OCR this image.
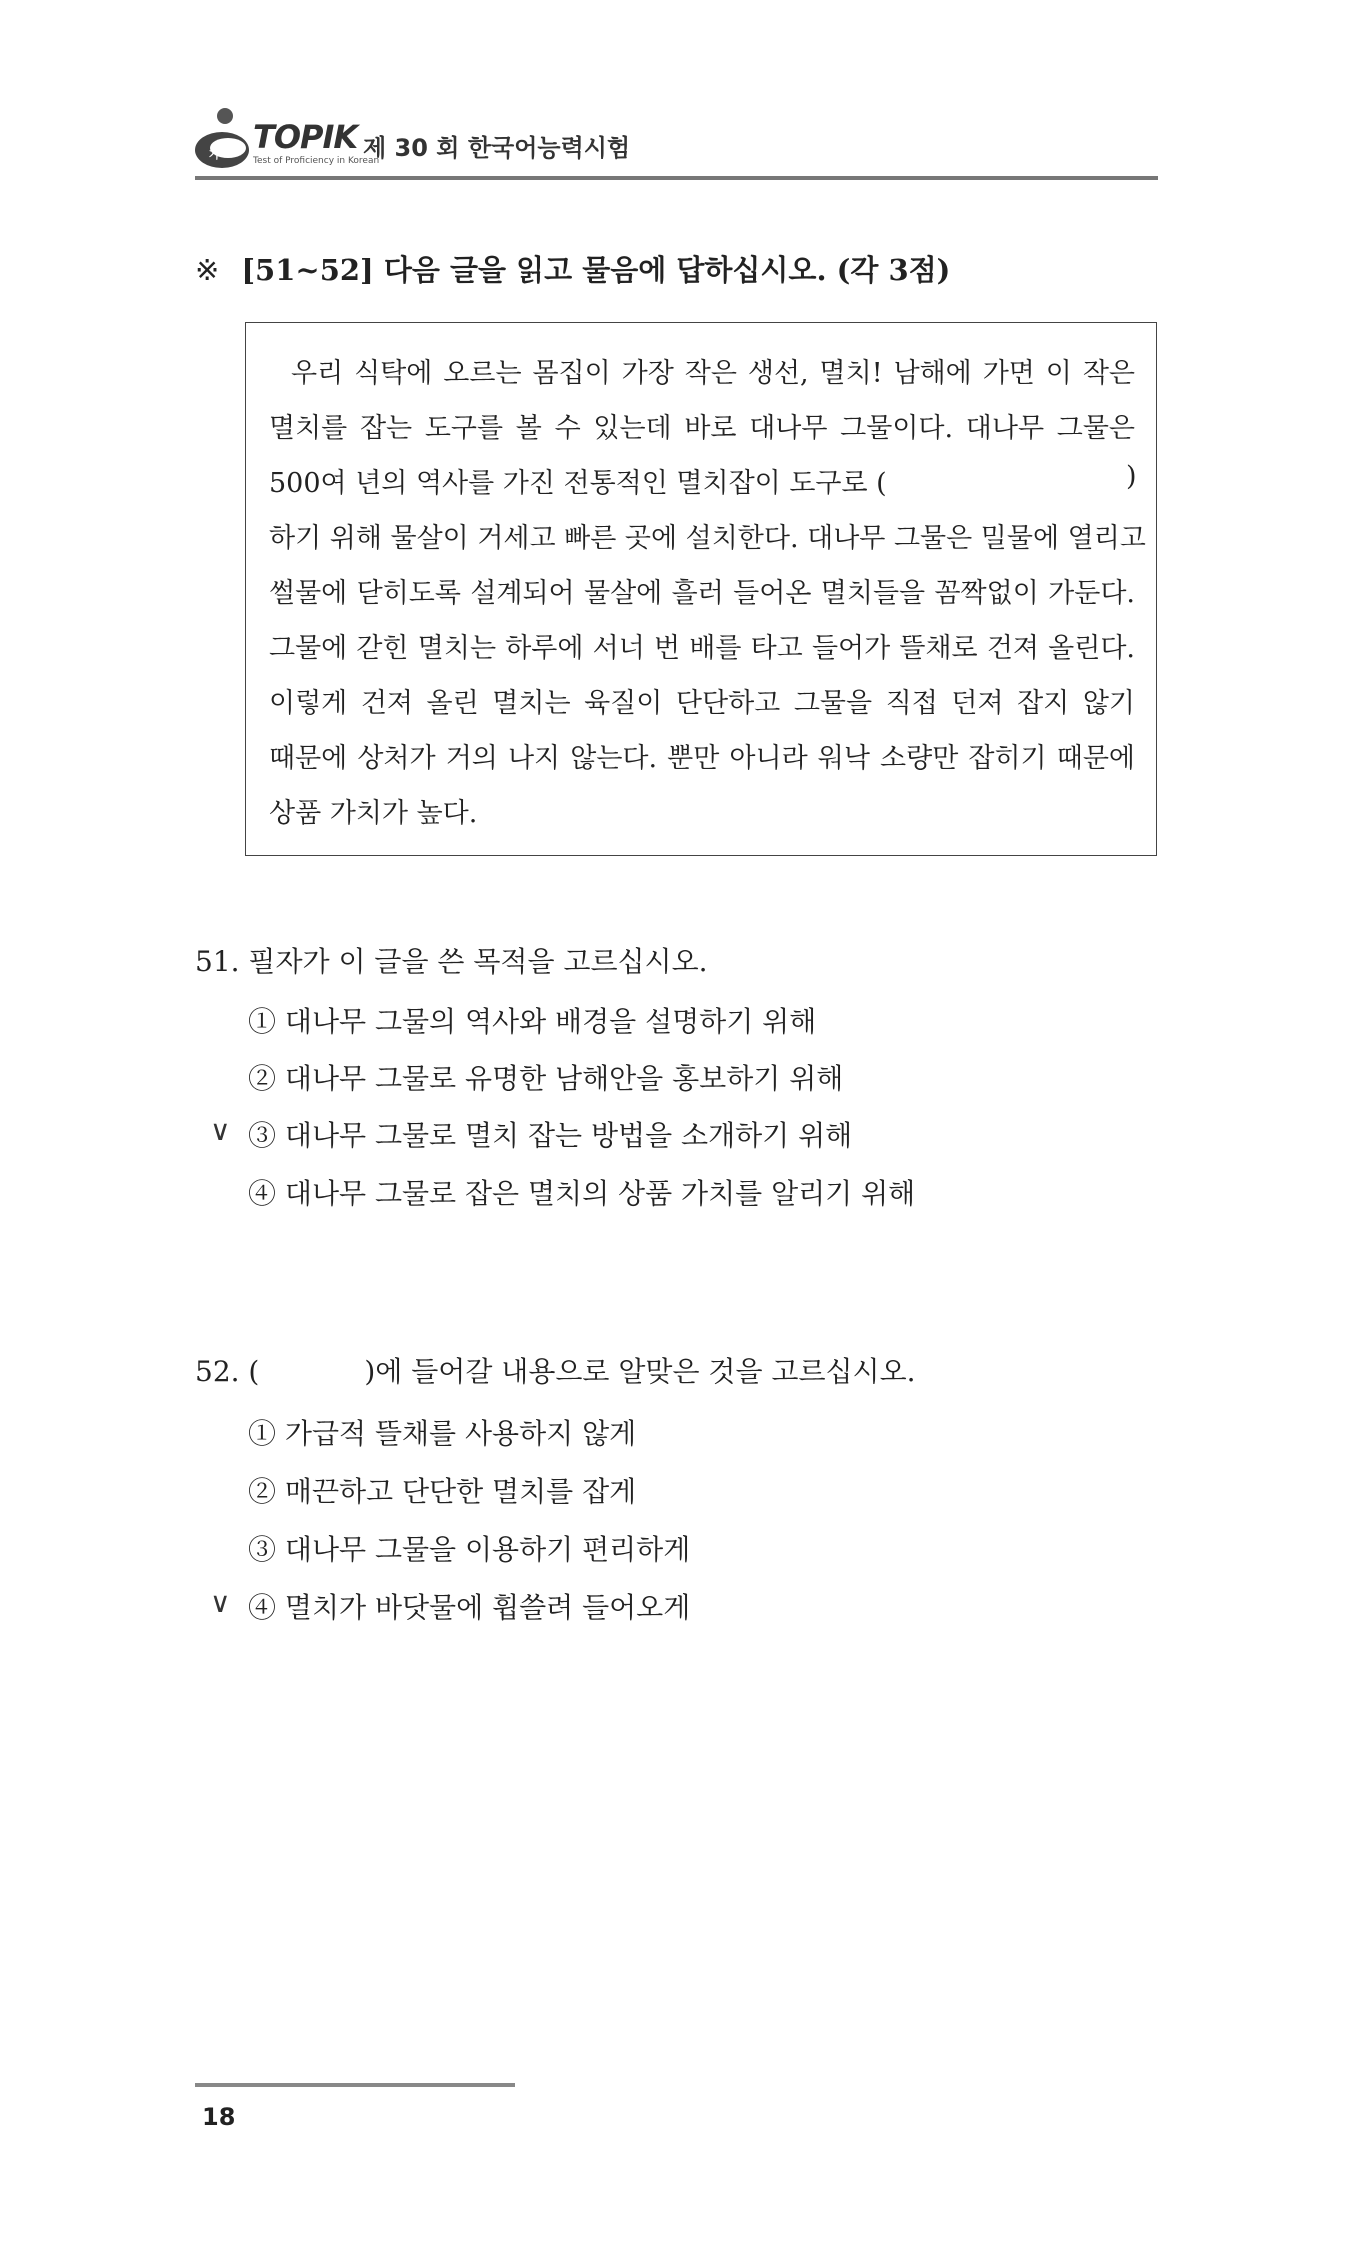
가 TOPIK
Test of Proficiency in Korean
제 30 회 한국어능력시험
※ [51~52] 다음 글을 읽고 물음에 답하십시오. (각 3점)
우리 식탁에 오르는 몸집이 가장 작은 생선, 멸치! 남해에 가면 이 작은
멸치를 잡는 도구를 볼 수 있는데 바로 대나무 그물이다. 대나무 그물은
500여 년의 역사를 가진 전통적인 멸치잡이 도구로 (	)
하기 위해 물살이 거세고 빠른 곳에 설치한다. 대나무 그물은 밀물에 열리고
썰물에 닫히도록 설계되어 물살에 흘러 들어온 멸치들을 꼼짝없이 가둔다.
그물에 갇힌 멸치는 하루에 서너 번 배를 타고 들어가 뜰채로 건져 올린다.
이렇게 건져 올린 멸치는 육질이 단단하고 그물을 직접 던져 잡지 않기
때문에 상처가 거의 나지 않는다. 뿐만 아니라 워낙 소량만 잡히기 때문에
상품 가치가 높다.
51. 필자가 이 글을 쓴 목적을 고르십시오.
① 대나무 그물의 역사와 배경을 설명하기 위해
② 대나무 그물로 유명한 남해안을 홍보하기 위해
∨ ③ 대나무 그물로 멸치 잡는 방법을 소개하기 위해
④ 대나무 그물로 잡은 멸치의 상품 가치를 알리기 위해
52. (	)에 들어갈 내용으로 알맞은 것을 고르십시오.
① 가급적 뜰채를 사용하지 않게
② 매끈하고 단단한 멸치를 잡게
③ 대나무 그물을 이용하기 편리하게
∨ ④ 멸치가 바닷물에 휩쓸려 들어오게
18
